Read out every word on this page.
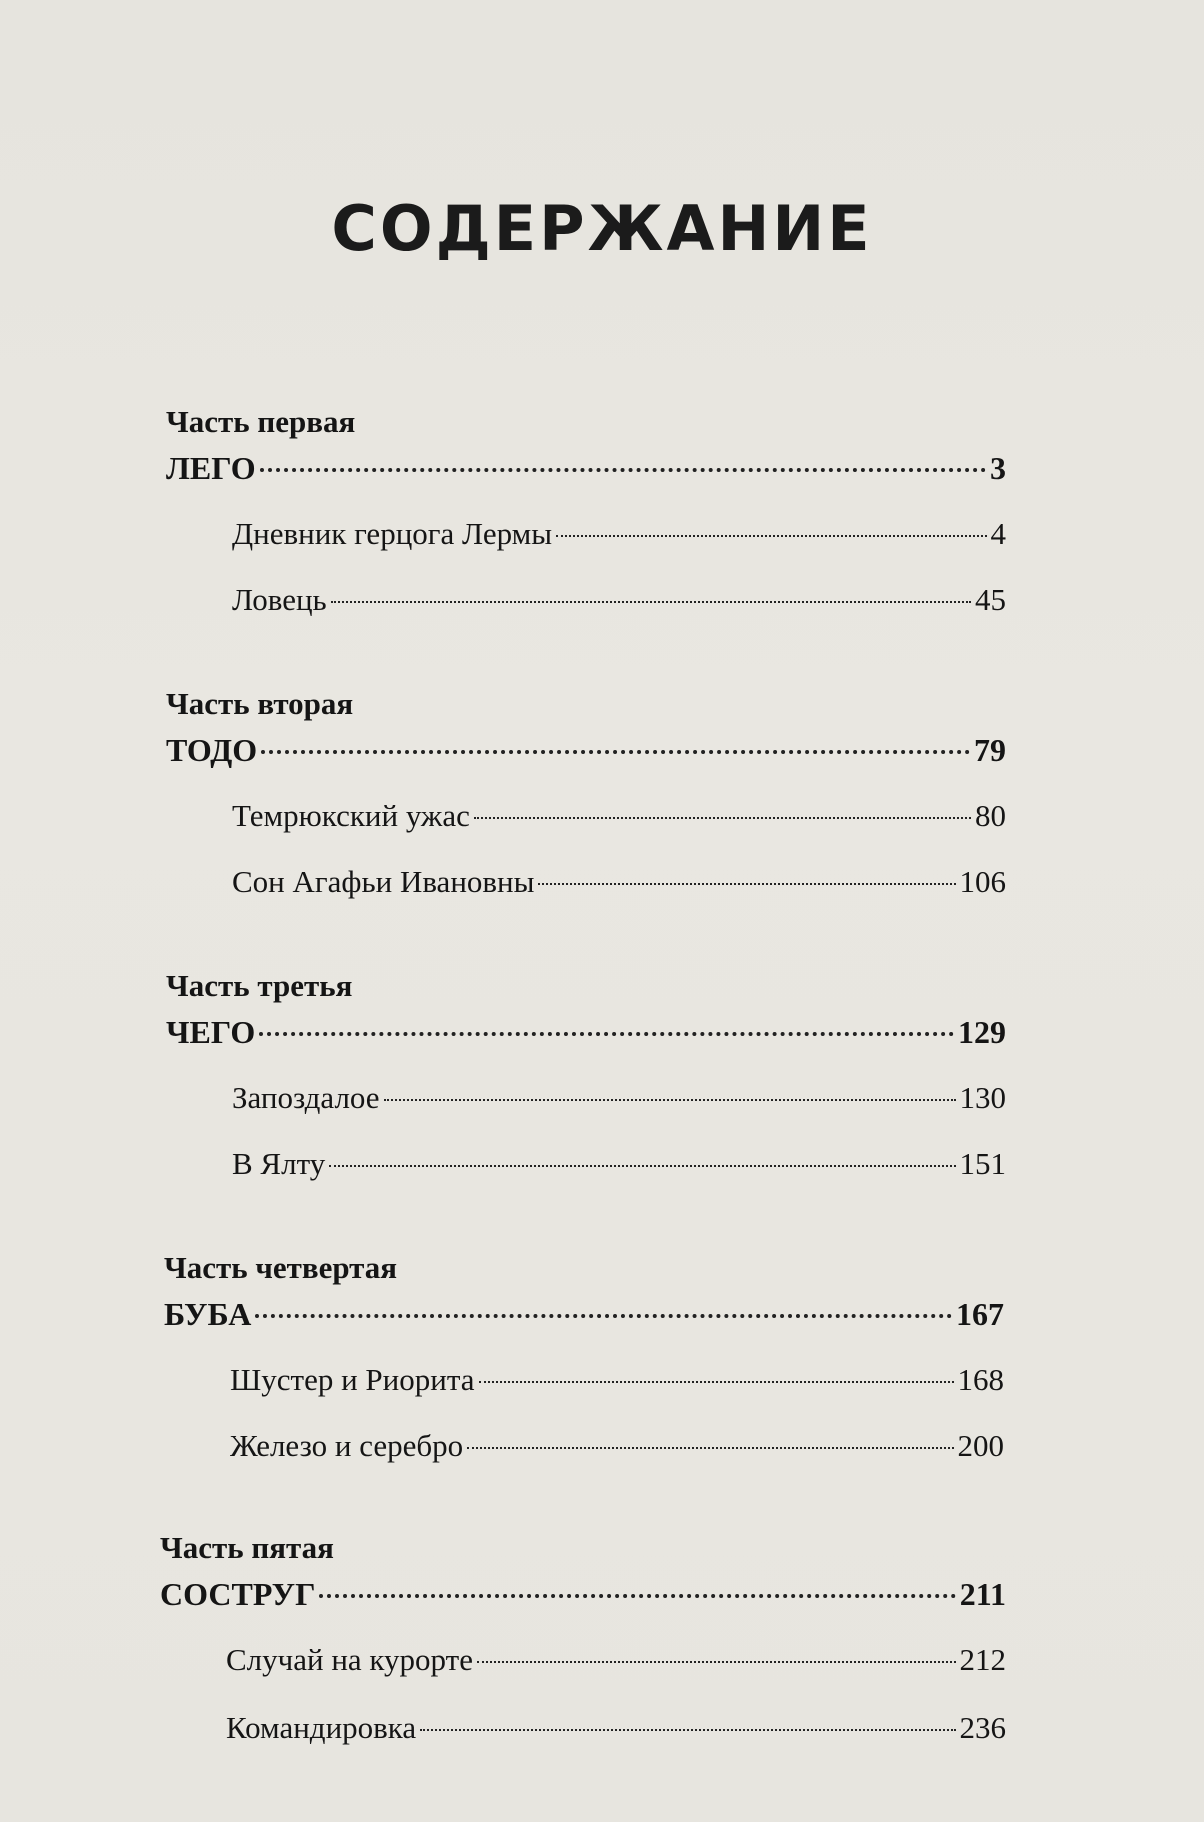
СОДЕРЖАНИЕ
Часть первая
ЛЕГО	3
Дневник герцога Лермы	4
Ловець	45
Часть вторая
ТОДО	79
Темрюкский ужас	80
Сон Агафьи Ивановны	106
Часть третья
ЧЕГО	129
Запоздалое	130
В Ялту	151
Часть четвертая
БУБА	167
Шустер и Риорита	168
Железо и серебро	200
Часть пятая
СОСТРУГ	211
Случай на курорте	212
Командировка	236
